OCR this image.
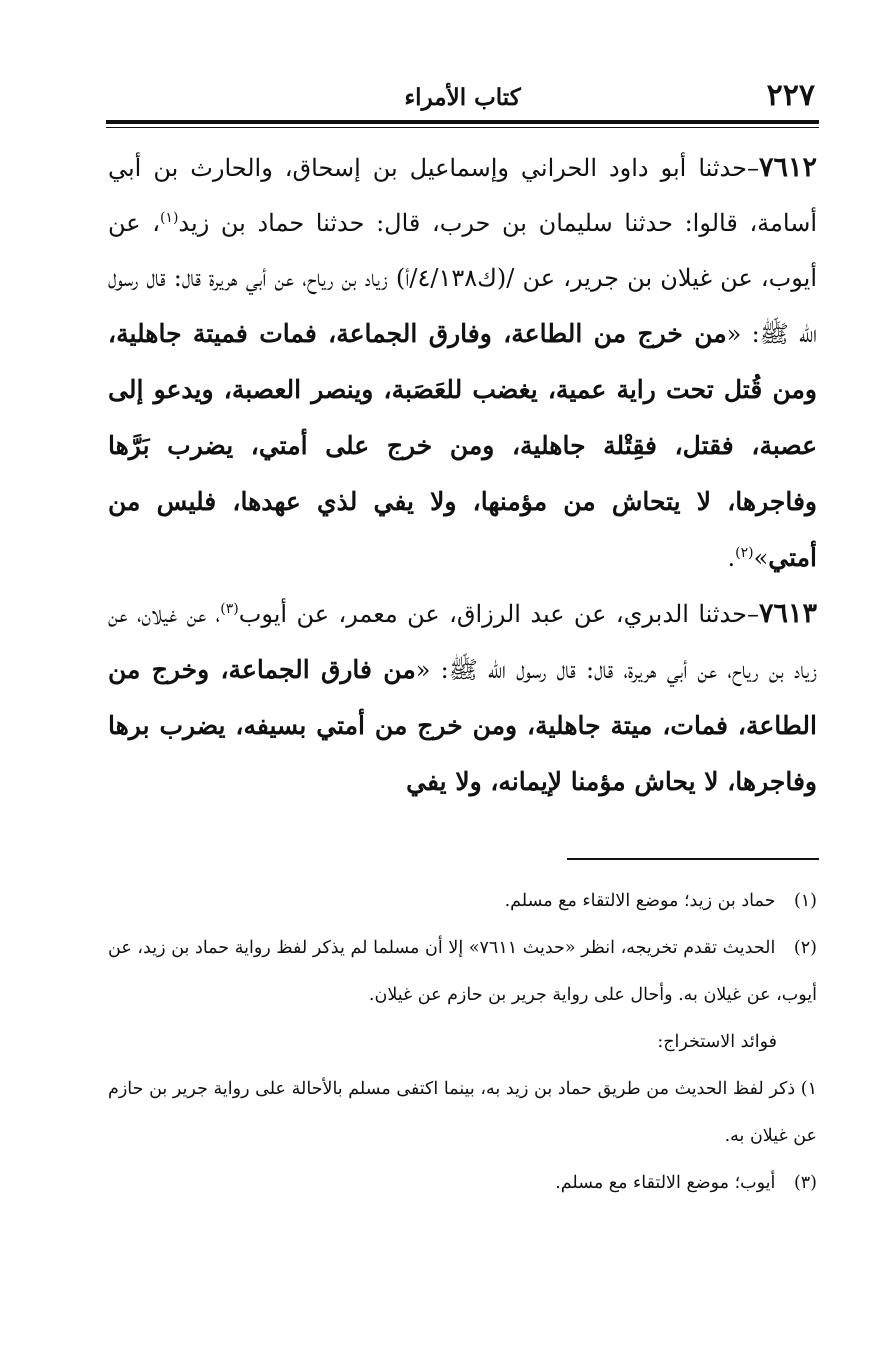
٢٢٧
كتاب الأمراء

٧٦١٢–حدثنا أبو داود الحراني وإسماعيل بن إسحاق، والحارث بن أبي أسامة، قالوا: حدثنا سليمان بن حرب، قال: حدثنا حماد بن زيد$^{(١)}$، عن أيوب، عن غيلان بن جرير، عن /(ك٤/١٣٨/أ) زياد بن رياح، عن أبي هريرة قال: قال رسول الله ﷺ: «من خرج من الطاعة، وفارق الجماعة، فمات فميتة جاهلية، ومن قُتل تحت راية عمية، يغضب للعَصَبة، وينصر العصبة، ويدعو إلى عصبة، فقتل، فقِتْلة جاهلية، ومن خرج على أمتي، يضرب بَرَّها وفاجرها، لا يتحاش من مؤمنها، ولا يفي لذي عهدها، فليس من أمتي»$^{(٢)}$.

٧٦١٣–حدثنا الدبري، عن عبد الرزاق، عن معمر، عن أيوب$^{(٣)}$، عن غيلان، عن زياد بن رياح، عن أبي هريرة، قال: قال رسول الله ﷺ: «من فارق الجماعة، وخرج من الطاعة، فمات، ميتة جاهلية، ومن خرج من أمتي بسيفه، يضرب برها وفاجرها، لا يحاش مؤمنا لإيمانه، ولا يفي

(١) حماد بن زيد؛ موضع الالتقاء مع مسلم.

(٢) الحديث تقدم تخريجه، انظر «حديث ٧٦١١» إلا أن مسلما لم يذكر لفظ رواية حماد بن زيد، عن أيوب، عن غيلان به. وأحال على رواية جرير بن حازم عن غيلان.

فوائد الاستخراج:

١) ذكر لفظ الحديث من طريق حماد بن زيد به، بينما اكتفى مسلم بالأحالة على رواية جرير بن حازم عن غيلان به.

(٣) أيوب؛ موضع الالتقاء مع مسلم.
